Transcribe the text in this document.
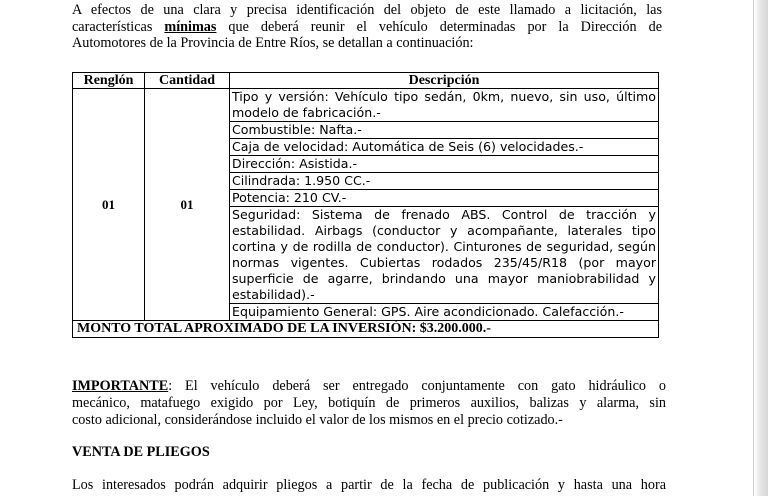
A efectos de una clara y precisa identificación del objeto de este llamado a licitación, las
características mínimas que deberá reunir el vehículo determinadas por la Dirección de
Automotores de la Provincia de Entre Ríos, se detallan a continuación:
Renglón	Cantidad	Descripción
01	01	Tipo y versión: Vehículo tipo sedán, 0km, nuevo, sin uso, último modelo de fabricación.-
		Combustible: Nafta.-
		Caja de velocidad: Automática de Seis (6) velocidades.-
		Dirección: Asistida.-
		Cilindrada: 1.950 CC.-
		Potencia: 210 CV.-
		Seguridad: Sistema de frenado ABS. Control de tracción y estabilidad. Airbags (conductor y acompañante, laterales tipo cortina y de rodilla de conductor). Cinturones de seguridad, según normas vigentes. Cubiertas rodados 235/45/R18 (por mayor superficie de agarre, brindando una mayor maniobrabilidad y estabilidad).-
		Equipamiento General: GPS. Aire acondicionado. Calefacción.-
MONTO TOTAL APROXIMADO DE LA INVERSIÓN: $3.200.000.-		
IMPORTANTE: El vehículo deberá ser entregado conjuntamente con gato hidráulico o
mecánico, matafuego exigido por Ley, botiquín de primeros auxilios, balizas y alarma, sin
costo adicional, considerándose incluido el valor de los mismos en el precio cotizado.-
VENTA DE PLIEGOS
Los interesados podrán adquirir pliegos a partir de la fecha de publicación y hasta una hora
